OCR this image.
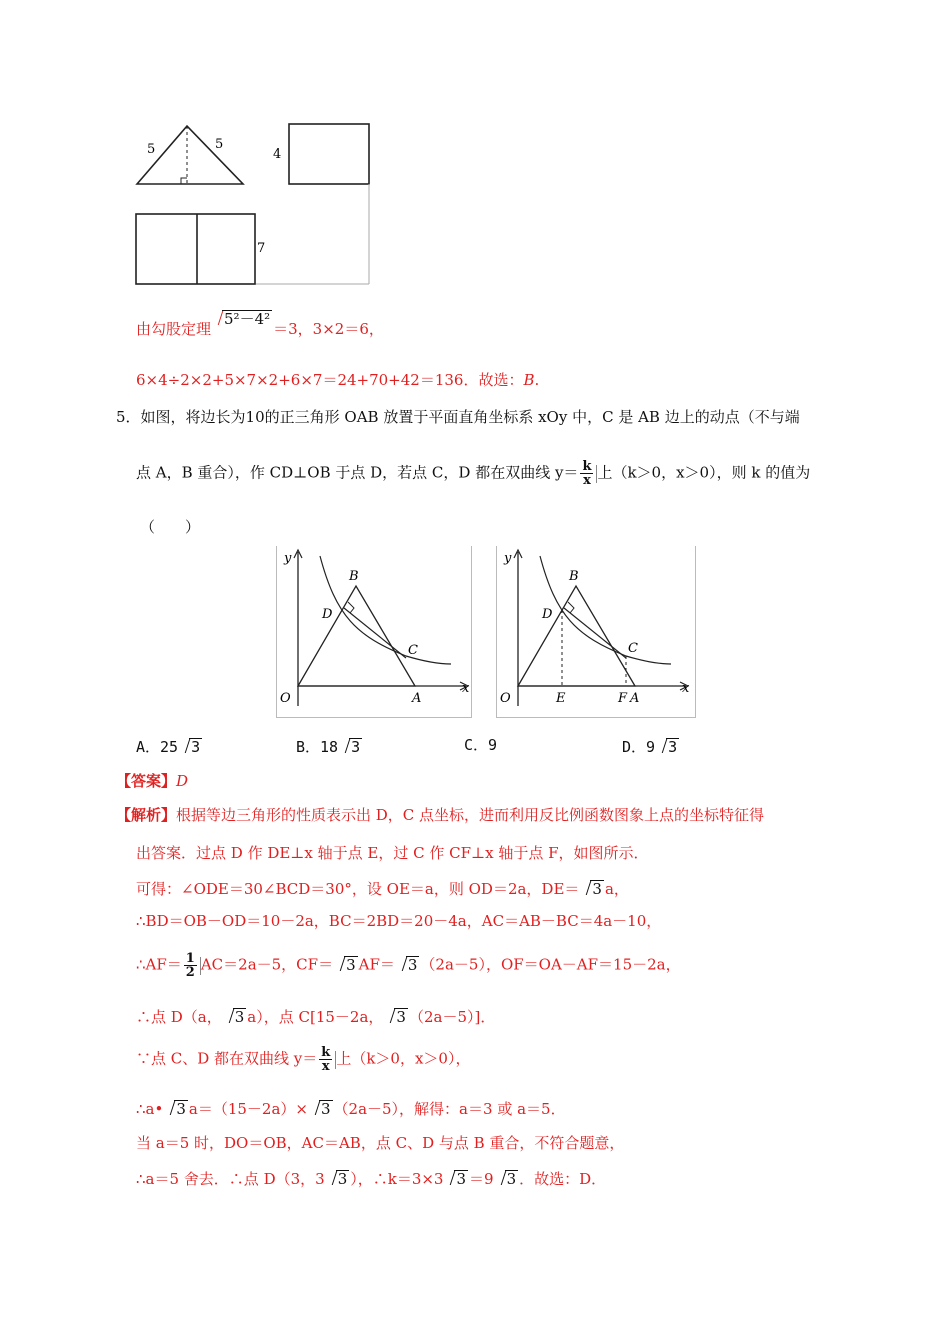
5	5
4
7
由勾股定理5²－4²＝3，3×2＝6，
6×4÷2×2+5×7×2+6×7＝24+70+42＝136．故选：B.
5．如图，将边长为10的正三角形 OAB 放置于平面直角坐标系 xOy 中，C 是 AB 边上的动点（不与端
点 A，B 重合），作 CD⊥OB 于点 D，若点 C，D 都在双曲线 $y= \frac{k}{x}$ 上（k＞0，x＞0），则 k 的值为
（　　）
y
x
O
B
D
C
A
y
x
O
B
D
C
E	F A
A．25 3	B．18 3	C．9	D．9 3
【答案】D
【解析】根据等边三角形的性质表示出 D，C 点坐标，进而利用反比例函数图象上点的坐标特征得
出答案．过点 D 作 DE⊥x 轴于点 E，过 C 作 CF⊥x 轴于点 F，如图所示．
可得：∠ODE＝30∠BCD＝30°，设 OE＝a，则 OD＝2a，DE＝ 3 a，
∴BD＝OB－OD＝10－2a，BC＝2BD＝20－4a，AC＝AB－BC＝4a－10，
∴AF＝ $\frac{1}{2} AC=2a-5$，CF＝ 3 AF＝ 3 （2a－5），OF＝OA－AF＝15－2a，
∴点 D（a， 3 a），点 C[15－2a， 3 （2a－5）]．
∵点 C、D 都在双曲线 $y= \frac{k}{x}$ 上（k＞0，x＞0），
∴a• 3 a＝（15－2a）× 3 （2a－5），解得：a＝3 或 a＝5．
当 a＝5 时，DO＝OB，AC＝AB，点 C、D 与点 B 重合，不符合题意，
∴a＝5 舍去．∴点 D（3，3 3 ），∴k＝3×3 3 ＝9 3 ．故选：D．
